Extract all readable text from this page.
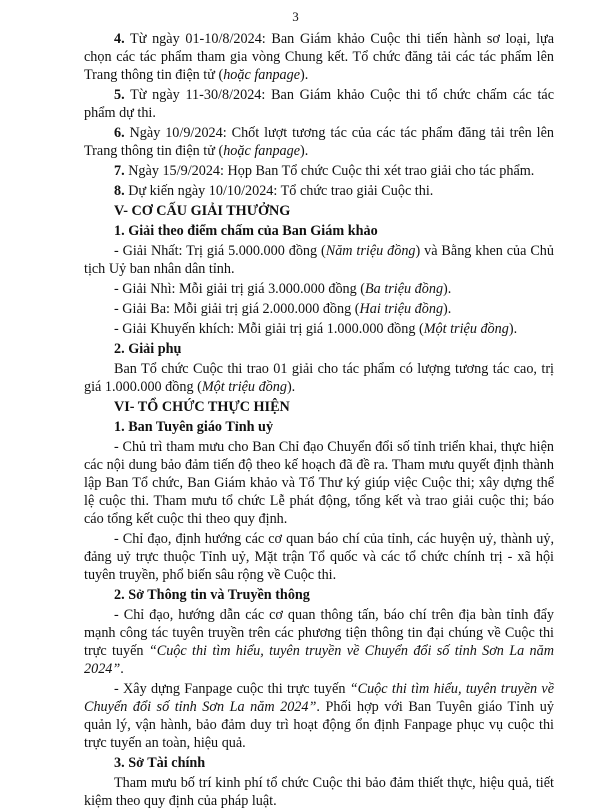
3

4. Từ ngày 01-10/8/2024: Ban Giám khảo Cuộc thi tiến hành sơ loại, lựa chọn các tác phẩm tham gia vòng Chung kết. Tổ chức đăng tải các tác phẩm lên Trang thông tin điện tử (hoặc fanpage).

5. Từ ngày 11-30/8/2024: Ban Giám khảo Cuộc thi tổ chức chấm các tác phẩm dự thi.

6. Ngày 10/9/2024: Chốt lượt tương tác của các tác phẩm đăng tải trên lên Trang thông tin điện tử (hoặc fanpage).

7. Ngày 15/9/2024: Họp Ban Tổ chức Cuộc thi xét trao giải cho tác phẩm.

8. Dự kiến ngày 10/10/2024: Tổ chức trao giải Cuộc thi.

V- CƠ CẤU GIẢI THƯỞNG
1. Giải theo điểm chấm của Ban Giám khảo

- Giải Nhất: Trị giá 5.000.000 đồng (Năm triệu đồng) và Bằng khen của Chủ tịch Uỷ ban nhân dân tỉnh.

- Giải Nhì: Mỗi giải trị giá 3.000.000 đồng (Ba triệu đồng).

- Giải Ba: Mỗi giải trị giá 2.000.000 đồng (Hai triệu đồng).

- Giải Khuyến khích: Mỗi giải trị giá 1.000.000 đồng (Một triệu đồng).

2. Giải phụ

Ban Tổ chức Cuộc thi trao 01 giải cho tác phẩm có lượng tương tác cao, trị giá 1.000.000 đồng (Một triệu đồng).

VI- TỔ CHỨC THỰC HIỆN
1. Ban Tuyên giáo Tỉnh uỷ

- Chủ trì tham mưu cho Ban Chỉ đạo Chuyển đổi số tỉnh triển khai, thực hiện các nội dung bảo đảm tiến độ theo kế hoạch đã đề ra. Tham mưu quyết định thành lập Ban Tổ chức, Ban Giám khảo và Tổ Thư ký giúp việc Cuộc thi; xây dựng thể lệ cuộc thi. Tham mưu tổ chức Lễ phát động, tổng kết và trao giải cuộc thi; báo cáo tổng kết cuộc thi theo quy định.

- Chỉ đạo, định hướng các cơ quan báo chí của tỉnh, các huyện uỷ, thành uỷ, đảng uỷ trực thuộc Tỉnh uỷ, Mặt trận Tổ quốc và các tổ chức chính trị - xã hội tuyên truyền, phổ biến sâu rộng về Cuộc thi.

2. Sở Thông tin và Truyền thông

- Chỉ đạo, hướng dẫn các cơ quan thông tấn, báo chí trên địa bàn tỉnh đẩy mạnh công tác tuyên truyền trên các phương tiện thông tin đại chúng về Cuộc thi trực tuyến “Cuộc thi tìm hiểu, tuyên truyền về Chuyển đổi số tỉnh Sơn La năm 2024”.

- Xây dựng Fanpage cuộc thi trực tuyến “Cuộc thi tìm hiểu, tuyên truyền về Chuyển đổi số tỉnh Sơn La năm 2024”. Phối hợp với Ban Tuyên giáo Tỉnh uỷ quản lý, vận hành, bảo đảm duy trì hoạt động ổn định Fanpage phục vụ cuộc thi trực tuyến an toàn, hiệu quả.

3. Sở Tài chính

Tham mưu bố trí kinh phí tổ chức Cuộc thi bảo đảm thiết thực, hiệu quả, tiết kiệm theo quy định của pháp luật.
